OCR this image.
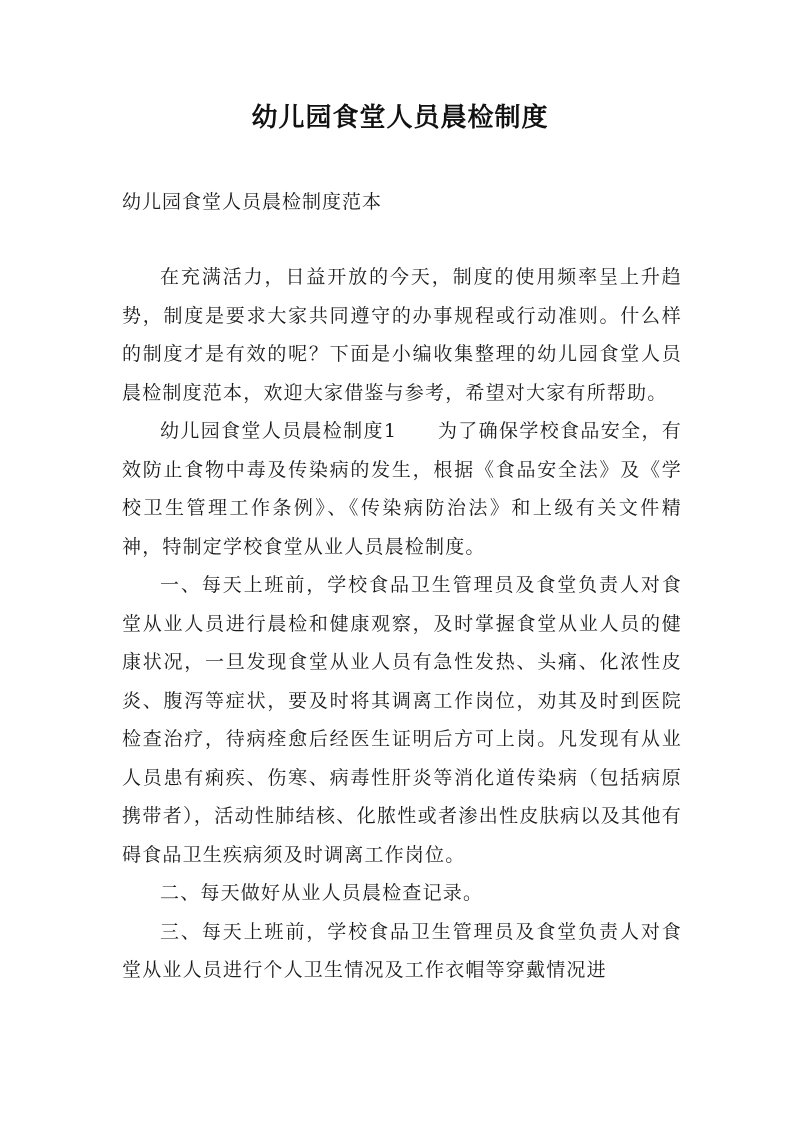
幼儿园食堂人员晨检制度
幼儿园食堂人员晨检制度范本

在充满活力，日益开放的今天，制度的使用频率呈上升趋势，制度是要求大家共同遵守的办事规程或行动准则。什么样的制度才是有效的呢？下面是小编收集整理的幼儿园食堂人员晨检制度范本，欢迎大家借鉴与参考，希望对大家有所帮助。

幼儿园食堂人员晨检制度1　　为了确保学校食品安全，有效防止食物中毒及传染病的发生，根据《食品安全法》及《学校卫生管理工作条例》、《传染病防治法》和上级有关文件精神，特制定学校食堂从业人员晨检制度。

一、每天上班前，学校食品卫生管理员及食堂负责人对食堂从业人员进行晨检和健康观察，及时掌握食堂从业人员的健康状况，一旦发现食堂从业人员有急性发热、头痛、化浓性皮炎、腹泻等症状，要及时将其调离工作岗位，劝其及时到医院检查治疗，待病痊愈后经医生证明后方可上岗。凡发现有从业人员患有痢疾、伤寒、病毒性肝炎等消化道传染病（包括病原携带者），活动性肺结核、化脓性或者渗出性皮肤病以及其他有碍食品卫生疾病须及时调离工作岗位。

二、每天做好从业人员晨检查记录。

三、每天上班前，学校食品卫生管理员及食堂负责人对食堂从业人员进行个人卫生情况及工作衣帽等穿戴情况进
